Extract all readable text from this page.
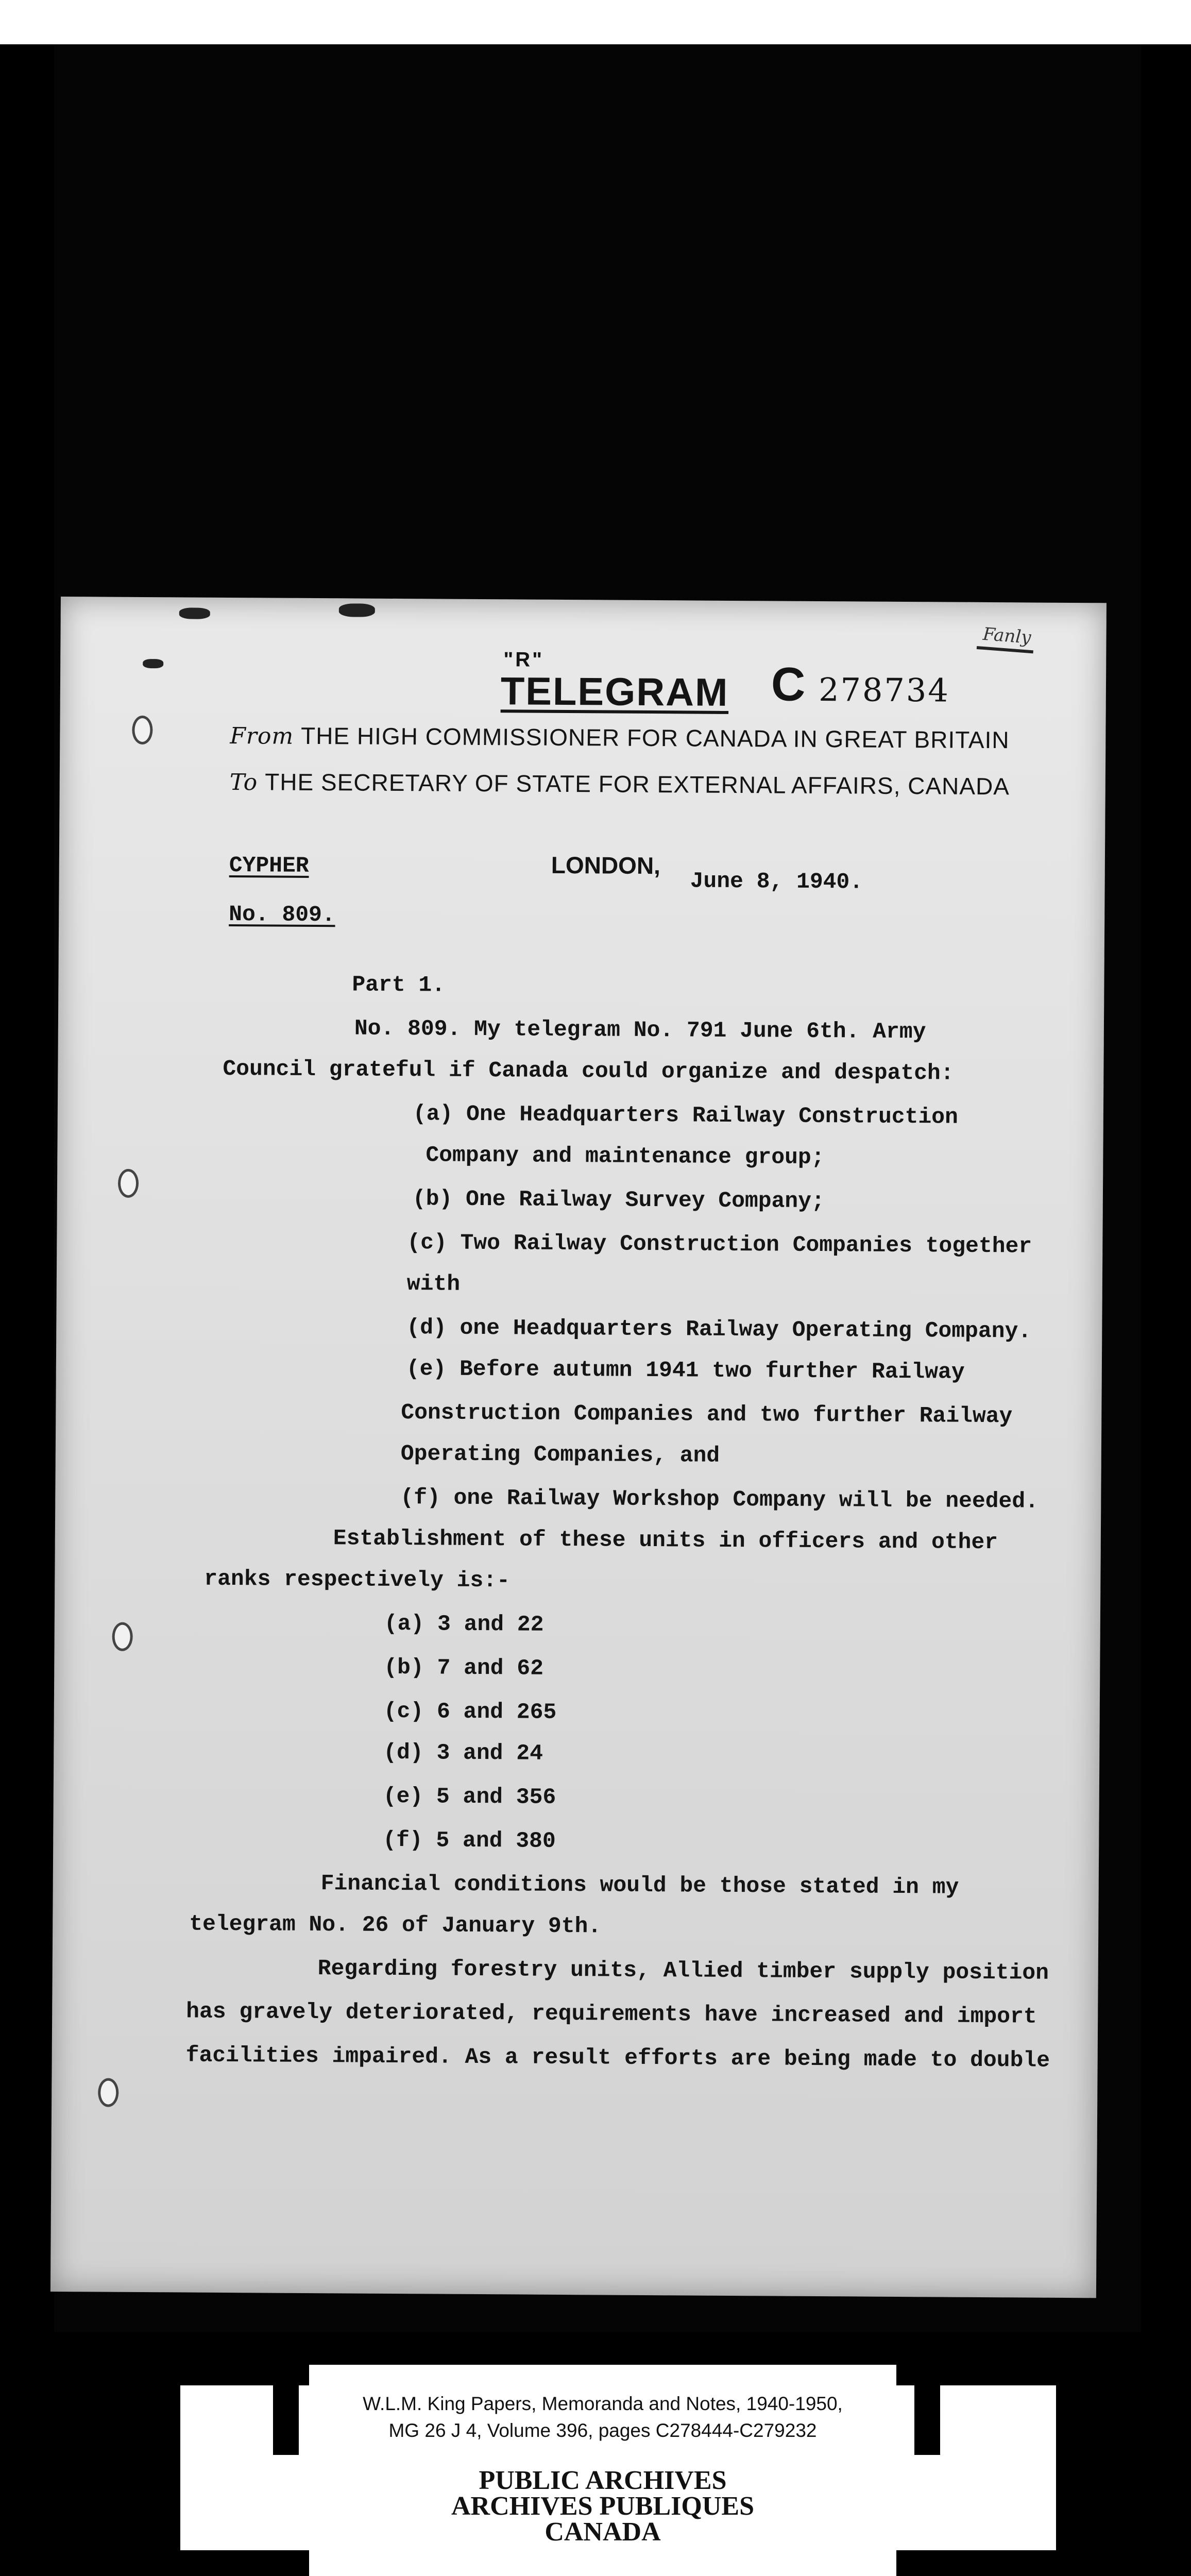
"R"
TELEGRAM C 278734
Fanly
From THE HIGH COMMISSIONER FOR CANADA IN GREAT BRITAIN
To THE SECRETARY OF STATE FOR EXTERNAL AFFAIRS, CANADA
CYPHER
No. 809.
LONDON,
June 8, 1940.
Part 1.
No. 809. My telegram No. 791 June 6th. Army
Council grateful if Canada could organize and despatch:
(a) One Headquarters Railway Construction
Company and maintenance group;
(b) One Railway Survey Company;
(c) Two Railway Construction Companies together
with
(d) one Headquarters Railway Operating Company.
(e) Before autumn 1941 two further Railway
Construction Companies and two further Railway
Operating Companies, and
(f) one Railway Workshop Company will be needed.
Establishment of these units in officers and other
ranks respectively is:-
(a) 3 and 22
(b) 7 and 62
(c) 6 and 265
(d) 3 and 24
(e) 5 and 356
(f) 5 and 380
Financial conditions would be those stated in my
telegram No. 26 of January 9th.
Regarding forestry units, Allied timber supply position
has gravely deteriorated, requirements have increased and import
facilities impaired. As a result efforts are being made to double
W.L.M. King Papers, Memoranda and Notes, 1940-1950,
MG 26 J 4, Volume 396, pages C278444-C279232
PUBLIC ARCHIVES
ARCHIVES PUBLIQUES
CANADA
